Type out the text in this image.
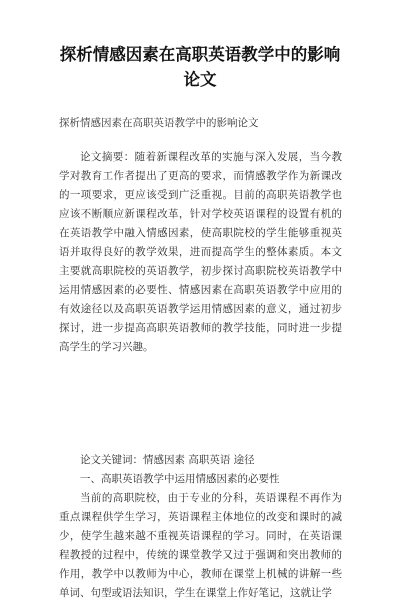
探析情感因素在高职英语教学中的影响论文
探析情感因素在高职英语教学中的影响论文
论文摘要：随着新课程改革的实施与深入发展，当今教学对教育工作者提出了更高的要求，而情感教学作为新课改的一项要求，更应该受到广泛重视。目前的高职英语教学也应该不断顺应新课程改革，针对学校英语课程的设置有机的在英语教学中融入情感因素，使高职院校的学生能够重视英语并取得良好的教学效果，进而提高学生的整体素质。本文主要就高职院校的英语教学，初步探讨高职院校英语教学中运用情感因素的必要性、情感因素在高职英语教学中应用的有效途径以及高职英语教学运用情感因素的意义，通过初步探讨，进一步提高高职英语教师的教学技能，同时进一步提高学生的学习兴趣。
论文关键词：情感因素 高职英语 途径
一、高职英语教学中运用情感因素的必要性
当前的高职院校，由于专业的分科，英语课程不再作为重点课程供学生学习，英语课程主体地位的改变和课时的减少，使学生越来越不重视英语课程的学习。同时，在英语课程教授的过程中，传统的课堂教学又过于强调和突出教师的作用，教学中以教师为中心，教师在课堂上机械的讲解一些单词、句型或语法知识，学生在课堂上作好笔记，这就让学
